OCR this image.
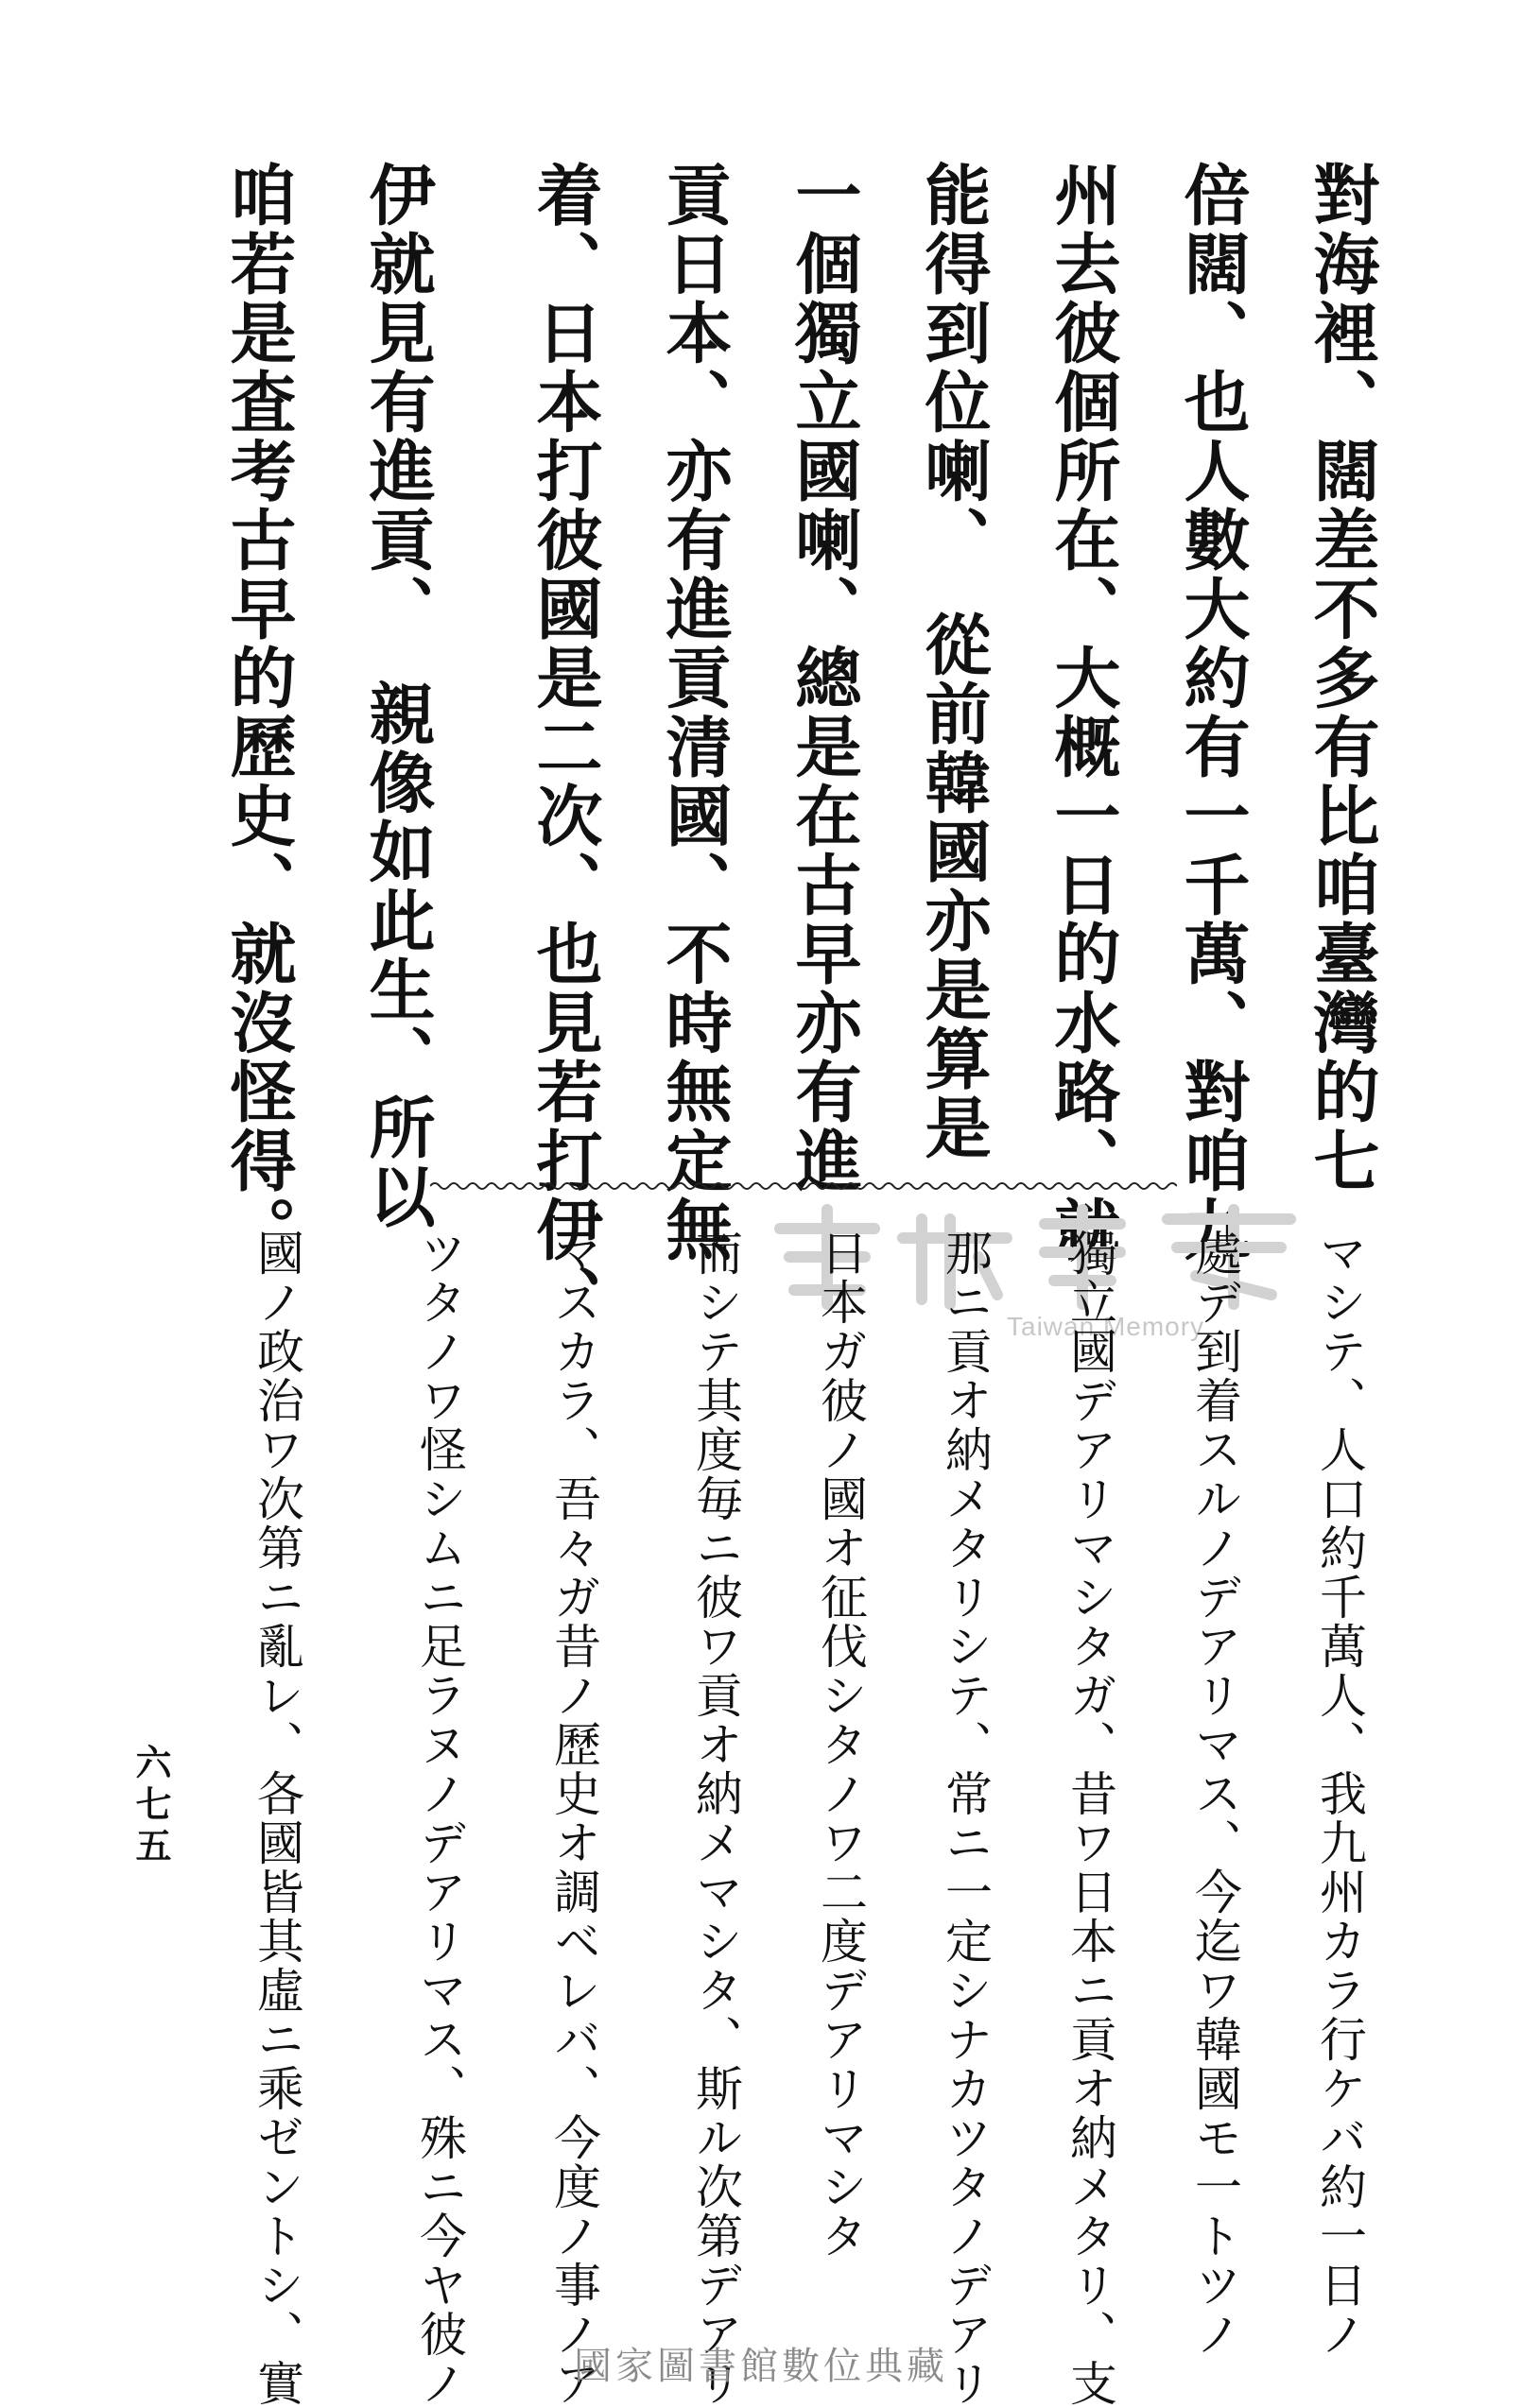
對海裡、闊差不多有比咱臺灣的七
倍闊、也人數大約有一千萬、對咱九
州去彼個所在、大概一日的水路、就
能得到位喇、　從前韓國亦是算是
一個獨立國喇、總是在古早亦有進
貢日本、亦有進貢清國、不時無定無
着、日本打彼國是二次、也見若打伊、
伊就見有進貢、　親像如此生、所以
咱若是査考古早的歷史、就沒怪得。
Taiwan Memory マシテ、人口約千萬人、我九州カラ行ケバ約一日ノ
處デ到着スルノデアリマス、今迄ワ韓國モ一トツノ
獨立國デアリマシタガ、昔ワ日本ニ貢オ納メタリ、支
那ニ貢オ納メタリシテ、常ニ一定シナカツタノデアリ
日本ガ彼ノ國オ征伐シタノワ二度デアリマシタ
而シテ其度毎ニ彼ワ貢オ納メマシタ、斯ル次第デアリ
マスカラ、吾々ガ昔ノ歷史オ調ベレバ、今度ノ事ノア
ツタノワ怪シムニ足ラヌノデアリマス、殊ニ今ヤ彼ノ
國ノ政治ワ次第ニ亂レ、各國皆其虛ニ乘ゼントシ、實
六七五
國家圖書館數位典藏
